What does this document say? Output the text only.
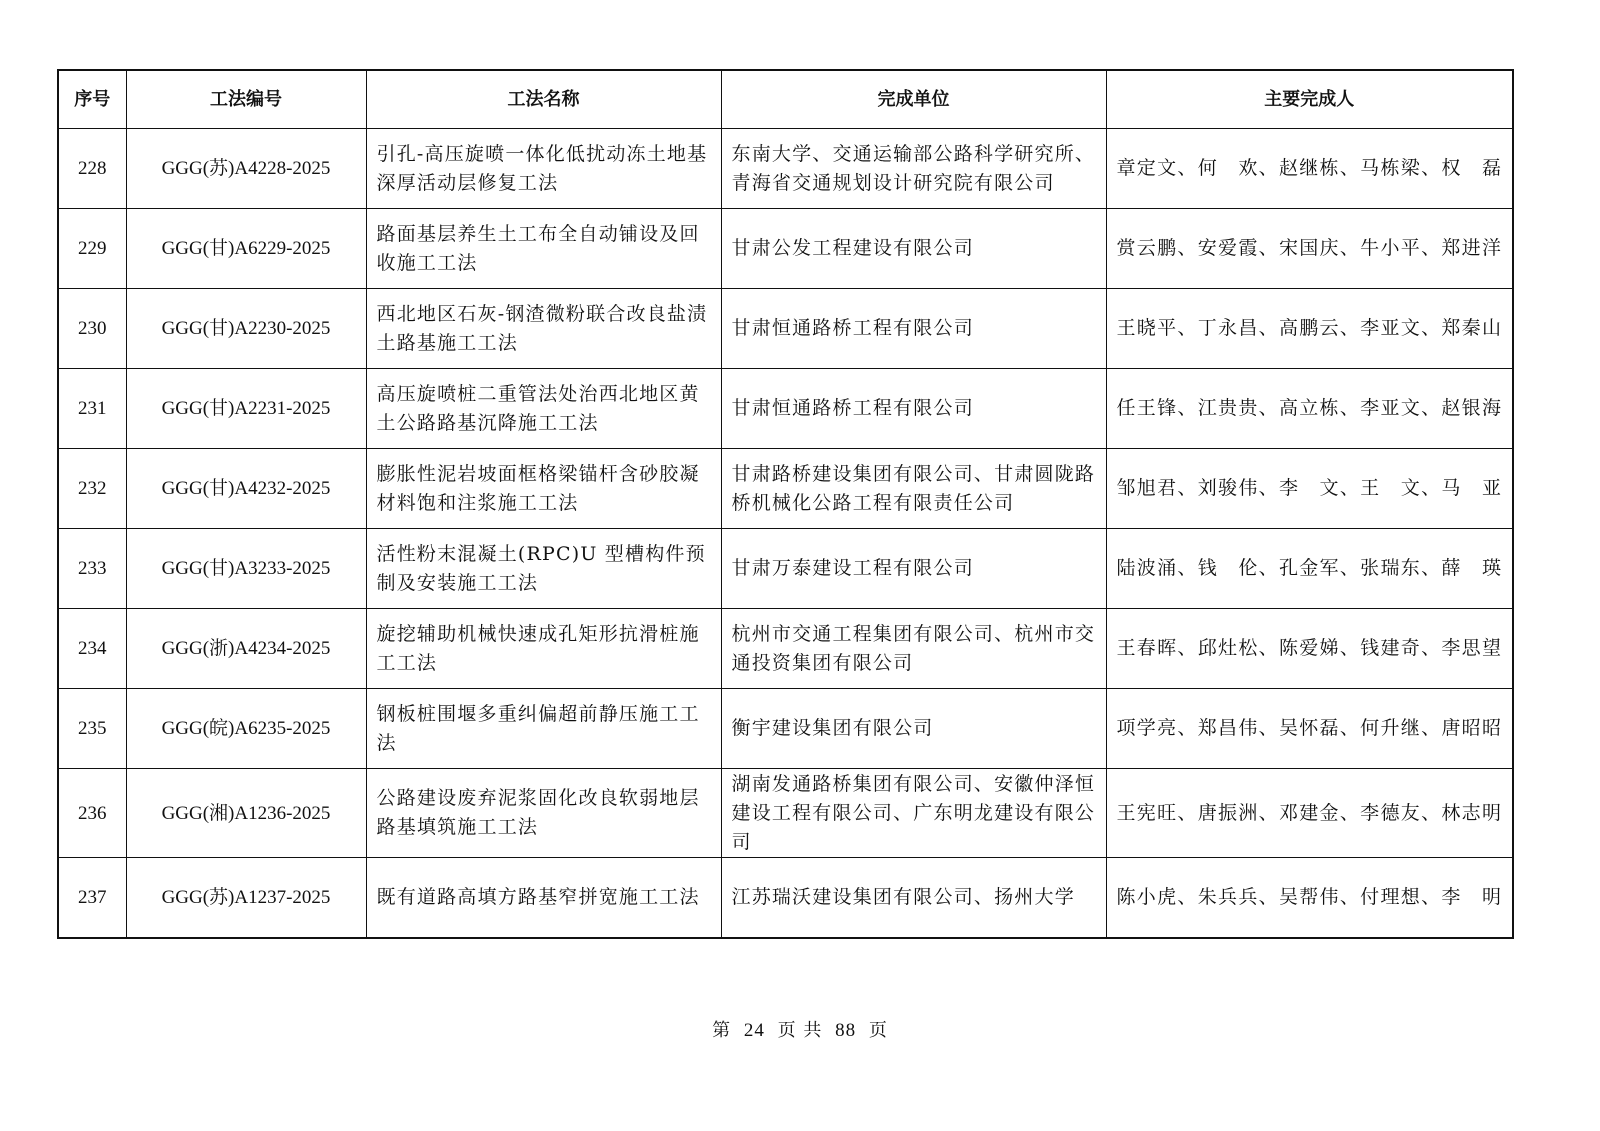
序号	工法编号	工法名称	完成单位	主要完成人
228	GGG(苏)A4228-2025	引孔-高压旋喷一体化低扰动冻土地基深厚活动层修复工法	东南大学、交通运输部公路科学研究所、青海省交通规划设计研究院有限公司	章定文、何　欢、赵继栋、马栋梁、权　磊
229	GGG(甘)A6229-2025	路面基层养生土工布全自动铺设及回收施工工法	甘肃公发工程建设有限公司	赏云鹏、安爱霞、宋国庆、牛小平、郑进洋
230	GGG(甘)A2230-2025	西北地区石灰-钢渣微粉联合改良盐渍土路基施工工法	甘肃恒通路桥工程有限公司	王晓平、丁永昌、高鹏云、李亚文、郑秦山
231	GGG(甘)A2231-2025	高压旋喷桩二重管法处治西北地区黄土公路路基沉降施工工法	甘肃恒通路桥工程有限公司	任王锋、江贵贵、高立栋、李亚文、赵银海
232	GGG(甘)A4232-2025	膨胀性泥岩坡面框格梁锚杆含砂胶凝材料饱和注浆施工工法	甘肃路桥建设集团有限公司、甘肃圆陇路桥机械化公路工程有限责任公司	邹旭君、刘骏伟、李　文、王　文、马　亚
233	GGG(甘)A3233-2025	活性粉末混凝土(RPC)U 型槽构件预制及安装施工工法	甘肃万泰建设工程有限公司	陆波涌、钱　伦、孔金军、张瑞东、薛　瑛
234	GGG(浙)A4234-2025	旋挖辅助机械快速成孔矩形抗滑桩施工工法	杭州市交通工程集团有限公司、杭州市交通投资集团有限公司	王春晖、邱灶松、陈爱娣、钱建奇、李思望
235	GGG(皖)A6235-2025	钢板桩围堰多重纠偏超前静压施工工法	衡宇建设集团有限公司	项学亮、郑昌伟、吴怀磊、何升继、唐昭昭
236	GGG(湘)A1236-2025	公路建设废弃泥浆固化改良软弱地层路基填筑施工工法	湖南发通路桥集团有限公司、安徽仲泽恒建设工程有限公司、广东明龙建设有限公司	王宪旺、唐振洲、邓建金、李德友、林志明
237	GGG(苏)A1237-2025	既有道路高填方路基窄拼宽施工工法	江苏瑞沃建设集团有限公司、扬州大学	陈小虎、朱兵兵、吴帮伟、付理想、李　明
第 24 页 共 88 页
